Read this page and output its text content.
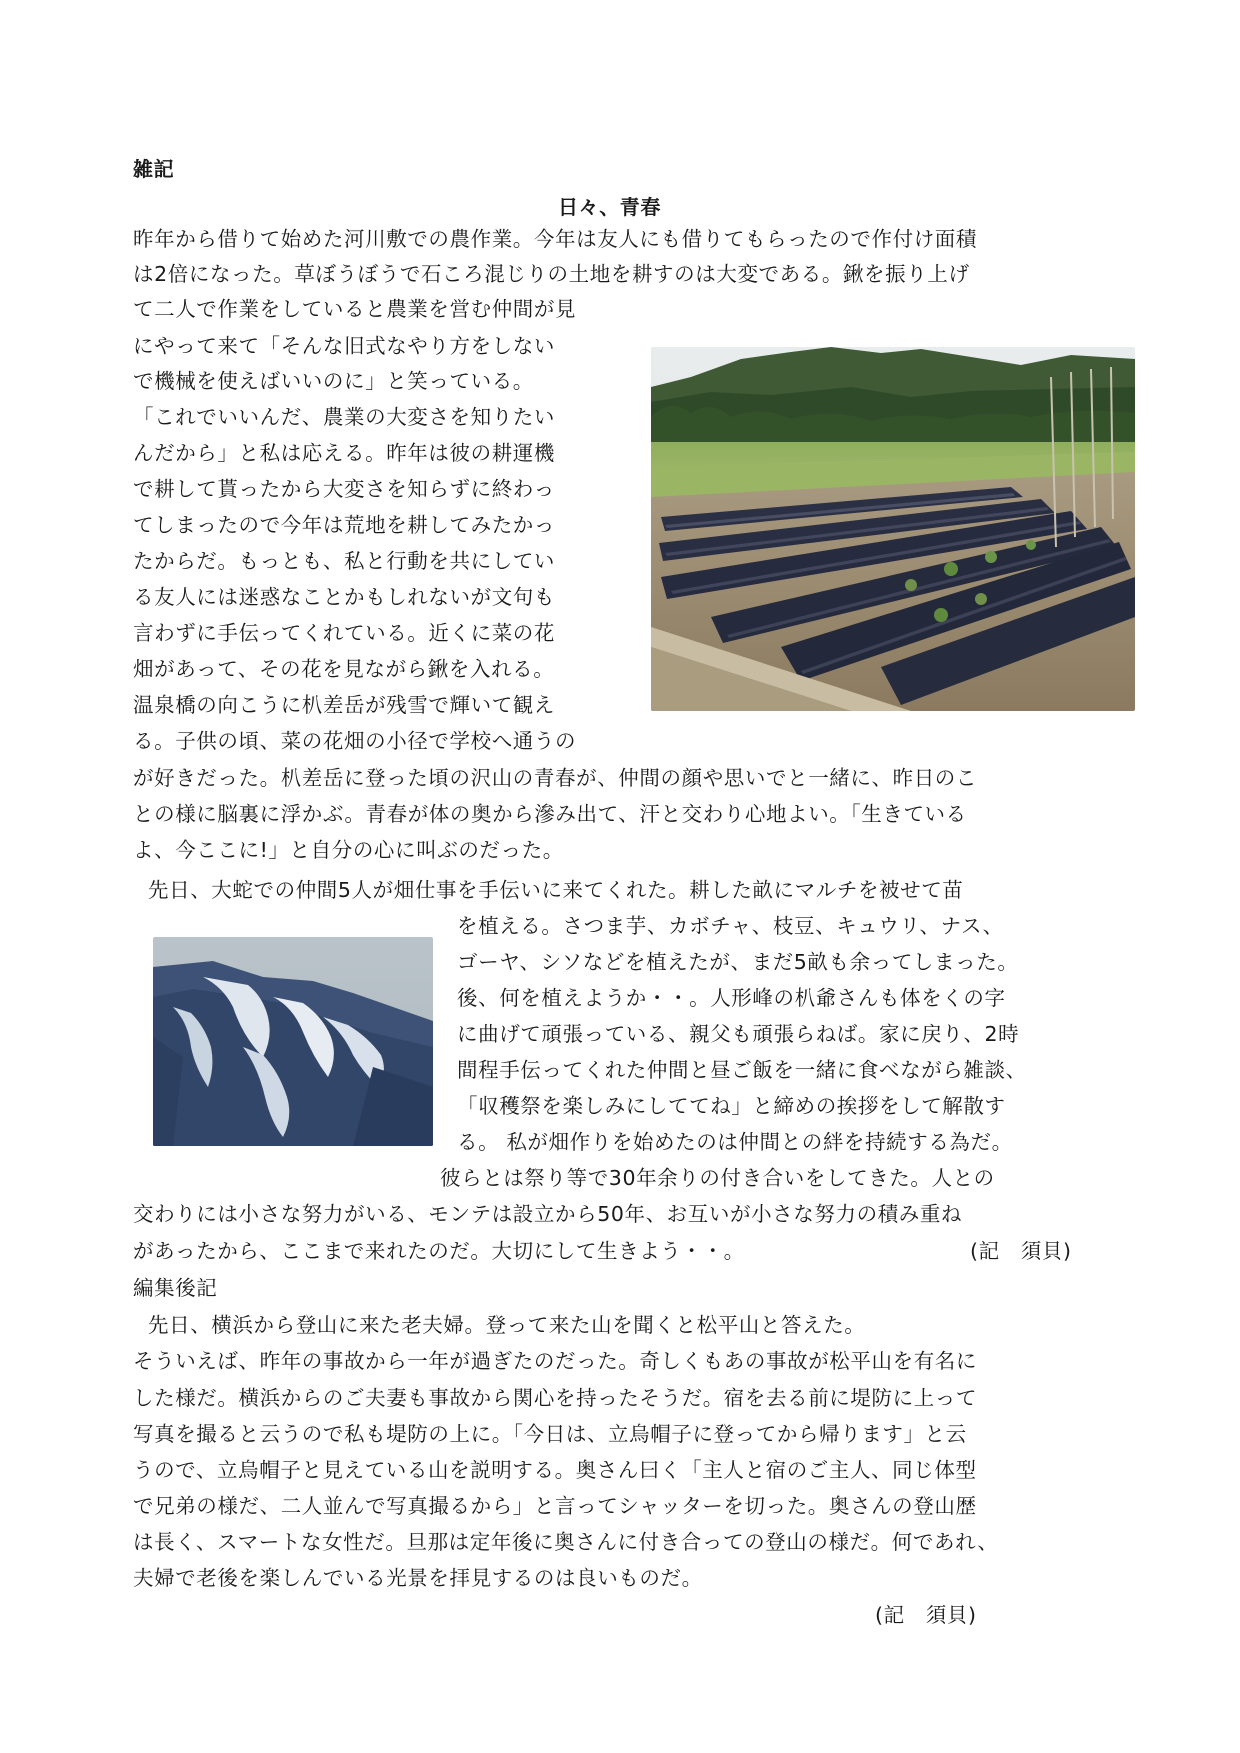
雑記
日々、青春
昨年から借りて始めた河川敷での農作業。今年は友人にも借りてもらったので作付け面積
は2倍になった。草ぼうぼうで石ころ混じりの土地を耕すのは大変である。鍬を振り上げ
て二人で作業をしていると農業を営む仲間が見
にやって来て「そんな旧式なやり方をしない
で機械を使えばいいのに」と笑っている。
「これでいいんだ、農業の大変さを知りたい
んだから」と私は応える。昨年は彼の耕運機
で耕して貰ったから大変さを知らずに終わっ
てしまったので今年は荒地を耕してみたかっ
たからだ。もっとも、私と行動を共にしてい
る友人には迷惑なことかもしれないが文句も
言わずに手伝ってくれている。近くに菜の花
畑があって、その花を見ながら鍬を入れる。
温泉橋の向こうに朳差岳が残雪で輝いて観え
る。子供の頃、菜の花畑の小径で学校へ通うの
が好きだった。朳差岳に登った頃の沢山の青春が、仲間の顔や思いでと一緒に、昨日のこ
との様に脳裏に浮かぶ。青春が体の奥から滲み出て、汗と交わり心地よい。「生きている
よ、今ここに!」と自分の心に叫ぶのだった。
先日、大蛇での仲間5人が畑仕事を手伝いに来てくれた。耕した畝にマルチを被せて苗
を植える。さつま芋、カボチャ、枝豆、キュウリ、ナス、
ゴーヤ、シソなどを植えたが、まだ5畝も余ってしまった。
後、何を植えようか・・。人形峰の朳爺さんも体をくの字
に曲げて頑張っている、親父も頑張らねば。家に戻り、2時
間程手伝ってくれた仲間と昼ご飯を一緒に食べながら雑談、
「収穫祭を楽しみにしててね」と締めの挨拶をして解散す
る。 私が畑作りを始めたのは仲間との絆を持続する為だ。
彼らとは祭り等で30年余りの付き合いをしてきた。人との
交わりには小さな努力がいる、モンテは設立から50年、お互いが小さな努力の積み重ね
があったから、ここまで来れたのだ。大切にして生きよう・・。	(記　須貝)
編集後記
先日、横浜から登山に来た老夫婦。登って来た山を聞くと松平山と答えた。
そういえば、昨年の事故から一年が過ぎたのだった。奇しくもあの事故が松平山を有名に
した様だ。横浜からのご夫妻も事故から関心を持ったそうだ。宿を去る前に堤防に上って
写真を撮ると云うので私も堤防の上に。「今日は、立烏帽子に登ってから帰ります」と云
うので、立烏帽子と見えている山を説明する。奥さん曰く「主人と宿のご主人、同じ体型
で兄弟の様だ、二人並んで写真撮るから」と言ってシャッターを切った。奥さんの登山歴
は長く、スマートな女性だ。旦那は定年後に奥さんに付き合っての登山の様だ。何であれ、
夫婦で老後を楽しんでいる光景を拝見するのは良いものだ。
(記　須貝)
